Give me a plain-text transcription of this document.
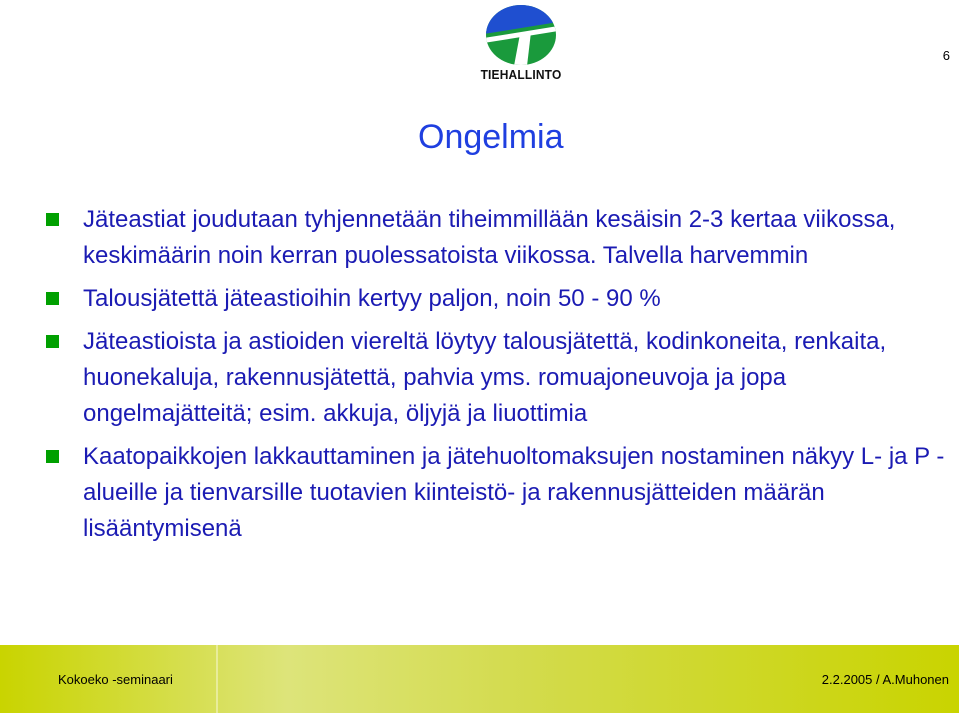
6
TIEHALLINTO
Ongelmia
Jäteastiat joudutaan tyhjennetään tiheimmillään kesäisin 2-3 kertaa viikossa, keskimäärin noin kerran puolessatoista viikossa. Talvella harvemmin
Talousjätettä jäteastioihin kertyy paljon, noin 50 - 90 %
Jäteastioista ja astioiden viereltä löytyy talousjätettä, kodinkoneita, renkaita, huonekaluja, rakennusjätettä, pahvia yms. romuajoneuvoja ja jopa ongelmajätteitä; esim. akkuja, öljyjä ja liuottimia
Kaatopaikkojen lakkauttaminen ja jätehuoltomaksujen nostaminen näkyy L- ja P -alueille ja tienvarsille tuotavien kiinteistö- ja rakennusjätteiden määrän lisääntymisenä
Kokoeko -seminaari	2.2.2005 / A.Muhonen
